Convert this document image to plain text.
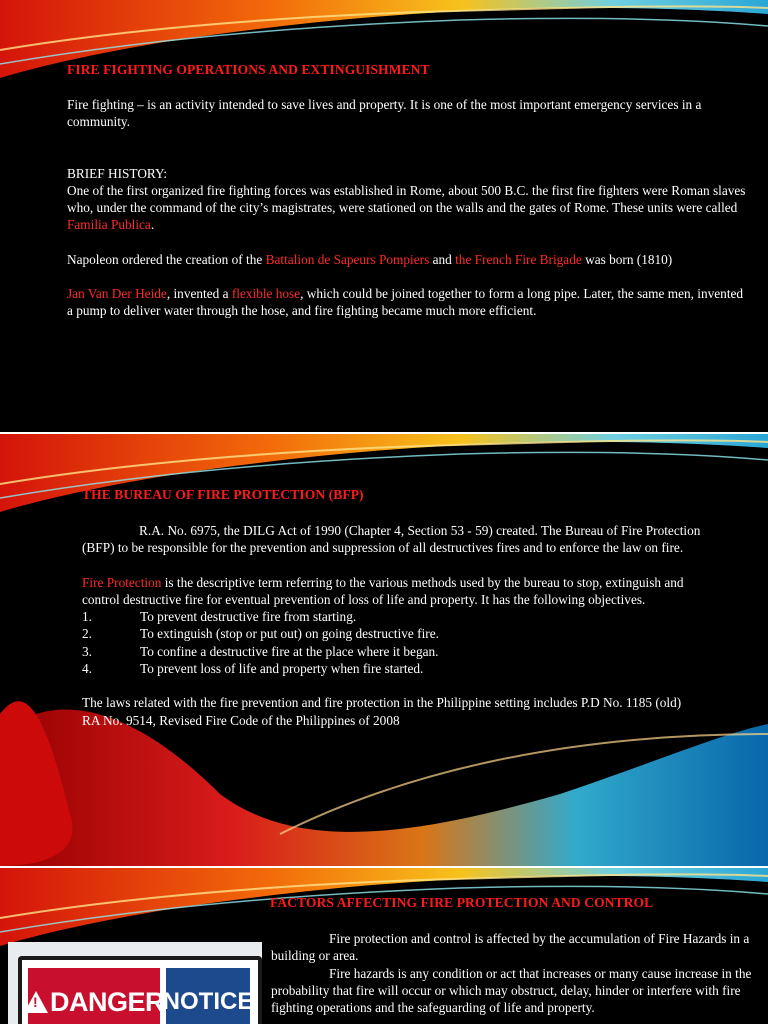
FIRE FIGHTING OPERATIONS AND EXTINGUISHMENT

Fire fighting – is an activity intended to save lives and property. It is one of the most important emergency services in a community.

BRIEF HISTORY:

One of the first organized fire fighting forces was established in Rome, about 500 B.C. the first fire fighters were Roman slaves who, under the command of the city’s magistrates, were stationed on the walls and the gates of Rome. These units were called Familia Publica.

Napoleon ordered the creation of the Battalion de Sapeurs Pompiers and the French Fire Brigade was born (1810)

Jan Van Der Heide, invented a flexible hose, which could be joined together to form a long pipe. Later, the same men, invented a pump to deliver water through the hose, and fire fighting became much more efficient.

THE BUREAU OF FIRE PROTECTION (BFP)

R.A. No. 6975, the DILG Act of 1990 (Chapter 4, Section 53 - 59) created. The Bureau of Fire Protection (BFP) to be responsible for the prevention and suppression of all destructives fires and to enforce the law on fire.

Fire Protection is the descriptive term referring to the various methods used by the bureau to stop, extinguish and control destructive fire for eventual prevention of loss of life and property. It has the following objectives.

1.	To prevent destructive fire from starting.
2.	To extinguish (stop or put out) on going destructive fire.
3.	To confine a destructive fire at the place where it began.
4.	To prevent loss of life and property when fire started.

The laws related with the fire prevention and fire protection in the Philippine setting includes P.D No. 1185 (old)

RA No. 9514, Revised Fire Code of the Philippines of 2008

FACTORS AFFECTING FIRE PROTECTION AND CONTROL
! DANGER
NOTICE

Fire protection and control is affected by the accumulation of Fire Hazards in a building or area.

Fire hazards is any condition or act that increases or many cause increase in the probability that fire will occur or which may obstruct, delay, hinder or interfere with fire fighting operations and the safeguarding of life and property.
